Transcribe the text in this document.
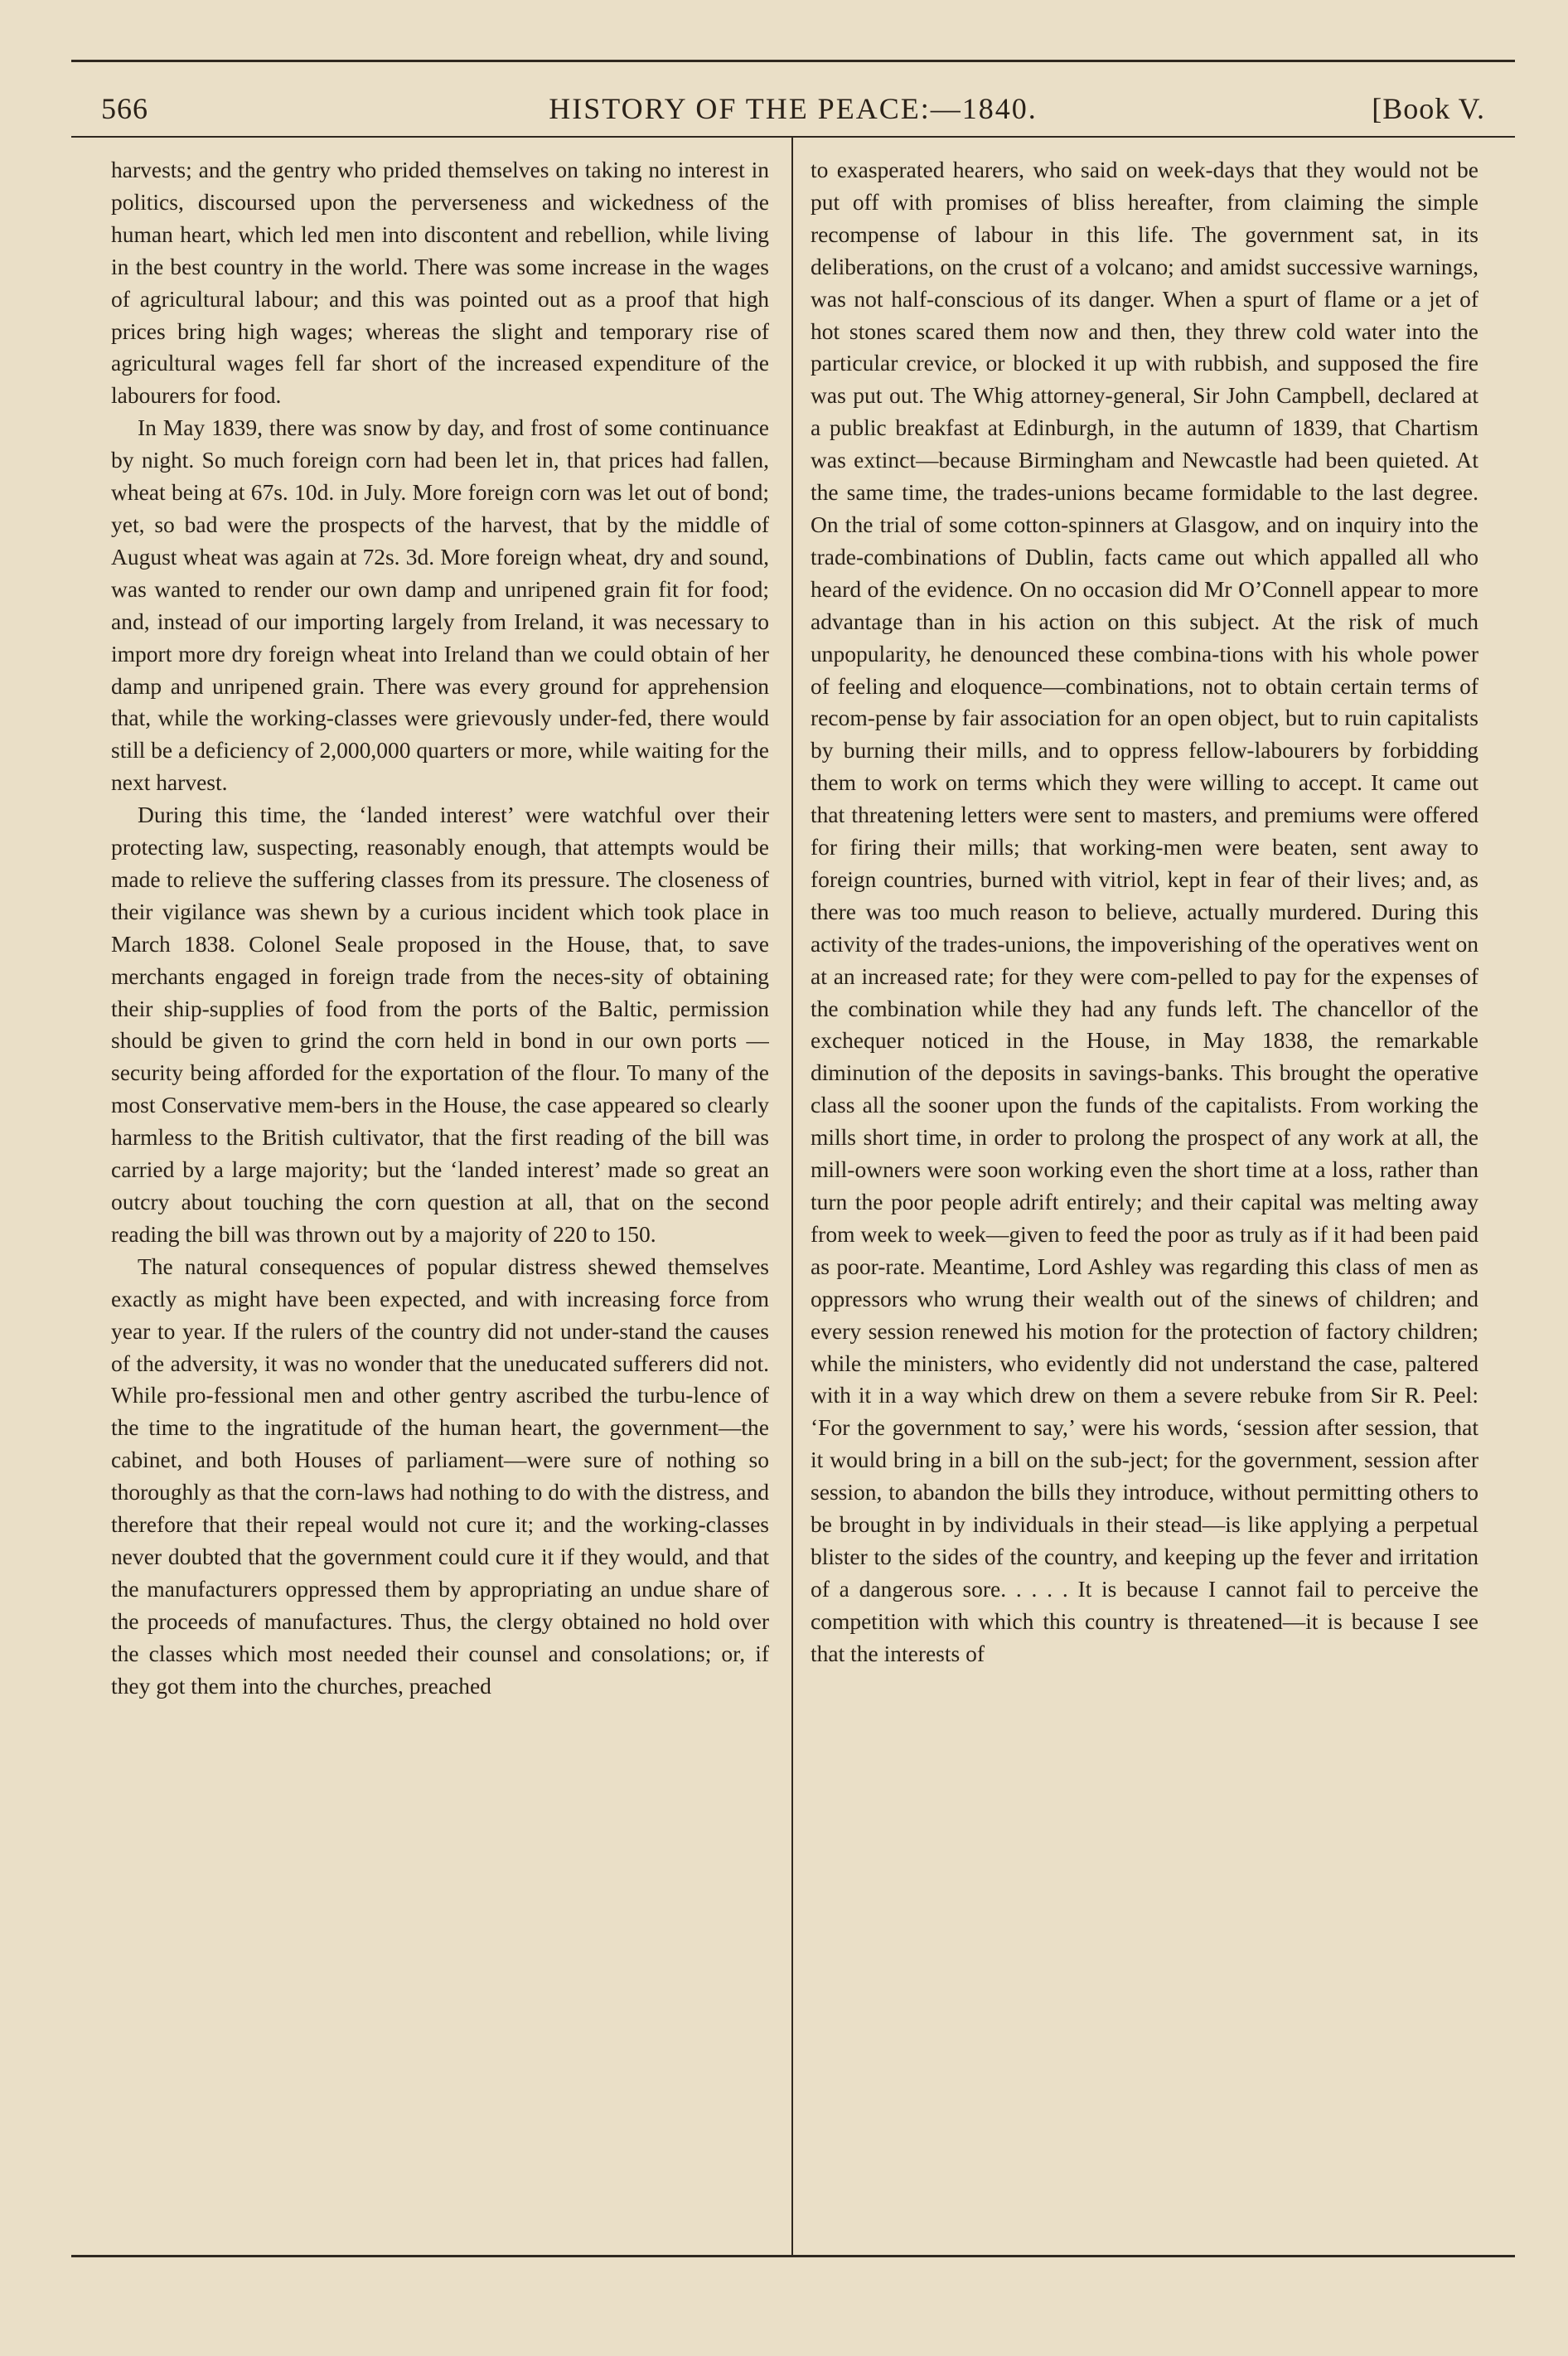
566	HISTORY OF THE PEACE:—1840.	[Book V.

harvests; and the gentry who prided themselves on taking no interest in politics, discoursed upon the perverseness and wickedness of the human heart, which led men into discontent and rebellion, while living in the best country in the world. There was some increase in the wages of agricultural labour; and this was pointed out as a proof that high prices bring high wages; whereas the slight and temporary rise of agricultural wages fell far short of the increased expenditure of the labourers for food.

In May 1839, there was snow by day, and frost of some continuance by night. So much foreign corn had been let in, that prices had fallen, wheat being at 67s. 10d. in July. More foreign corn was let out of bond; yet, so bad were the prospects of the harvest, that by the middle of August wheat was again at 72s. 3d. More foreign wheat, dry and sound, was wanted to render our own damp and unripened grain fit for food; and, instead of our importing largely from Ireland, it was necessary to import more dry foreign wheat into Ireland than we could obtain of her damp and unripened grain. There was every ground for apprehension that, while the working-classes were grievously under-fed, there would still be a deficiency of 2,000,000 quarters or more, while waiting for the next harvest.

During this time, the ‘landed interest’ were watchful over their protecting law, suspecting, reasonably enough, that attempts would be made to relieve the suffering classes from its pressure. The closeness of their vigilance was shewn by a curious incident which took place in March 1838. Colonel Seale proposed in the House, that, to save merchants engaged in foreign trade from the neces-sity of obtaining their ship-supplies of food from the ports of the Baltic, permission should be given to grind the corn held in bond in our own ports —security being afforded for the exportation of the flour. To many of the most Conservative mem-bers in the House, the case appeared so clearly harmless to the British cultivator, that the first reading of the bill was carried by a large majority; but the ‘landed interest’ made so great an outcry about touching the corn question at all, that on the second reading the bill was thrown out by a majority of 220 to 150.

The natural consequences of popular distress shewed themselves exactly as might have been expected, and with increasing force from year to year. If the rulers of the country did not under-stand the causes of the adversity, it was no wonder that the uneducated sufferers did not. While pro-fessional men and other gentry ascribed the turbu-lence of the time to the ingratitude of the human heart, the government—the cabinet, and both Houses of parliament—were sure of nothing so thoroughly as that the corn-laws had nothing to do with the distress, and therefore that their repeal would not cure it; and the working-classes never doubted that the government could cure it if they would, and that the manufacturers oppressed them by appropriating an undue share of the proceeds of manufactures. Thus, the clergy obtained no hold over the classes which most needed their counsel and consolations; or, if they got them into the churches, preached

to exasperated hearers, who said on week-days that they would not be put off with promises of bliss hereafter, from claiming the simple recompense of labour in this life. The government sat, in its deliberations, on the crust of a volcano; and amidst successive warnings, was not half-conscious of its danger. When a spurt of flame or a jet of hot stones scared them now and then, they threw cold water into the particular crevice, or blocked it up with rubbish, and supposed the fire was put out. The Whig attorney-general, Sir John Campbell, declared at a public breakfast at Edinburgh, in the autumn of 1839, that Chartism was extinct—because Birmingham and Newcastle had been quieted. At the same time, the trades-unions became formidable to the last degree. On the trial of some cotton-spinners at Glasgow, and on inquiry into the trade-combinations of Dublin, facts came out which appalled all who heard of the evidence. On no occasion did Mr O’Connell appear to more advantage than in his action on this subject. At the risk of much unpopularity, he denounced these combina-tions with his whole power of feeling and eloquence—combinations, not to obtain certain terms of recom-pense by fair association for an open object, but to ruin capitalists by burning their mills, and to oppress fellow-labourers by forbidding them to work on terms which they were willing to accept. It came out that threatening letters were sent to masters, and premiums were offered for firing their mills; that working-men were beaten, sent away to foreign countries, burned with vitriol, kept in fear of their lives; and, as there was too much reason to believe, actually murdered. During this activity of the trades-unions, the impoverishing of the operatives went on at an increased rate; for they were com-pelled to pay for the expenses of the combination while they had any funds left. The chancellor of the exchequer noticed in the House, in May 1838, the remarkable diminution of the deposits in savings-banks. This brought the operative class all the sooner upon the funds of the capitalists. From working the mills short time, in order to prolong the prospect of any work at all, the mill-owners were soon working even the short time at a loss, rather than turn the poor people adrift entirely; and their capital was melting away from week to week—given to feed the poor as truly as if it had been paid as poor-rate. Meantime, Lord Ashley was regarding this class of men as oppressors who wrung their wealth out of the sinews of children; and every session renewed his motion for the protection of factory children; while the ministers, who evidently did not understand the case, paltered with it in a way which drew on them a severe rebuke from Sir R. Peel: ‘For the government to say,’ were his words, ‘session after session, that it would bring in a bill on the sub-ject; for the government, session after session, to abandon the bills they introduce, without permitting others to be brought in by individuals in their stead—is like applying a perpetual blister to the sides of the country, and keeping up the fever and irritation of a dangerous sore. . . . . It is because I cannot fail to perceive the competition with which this country is threatened—it is because I see that the interests of
